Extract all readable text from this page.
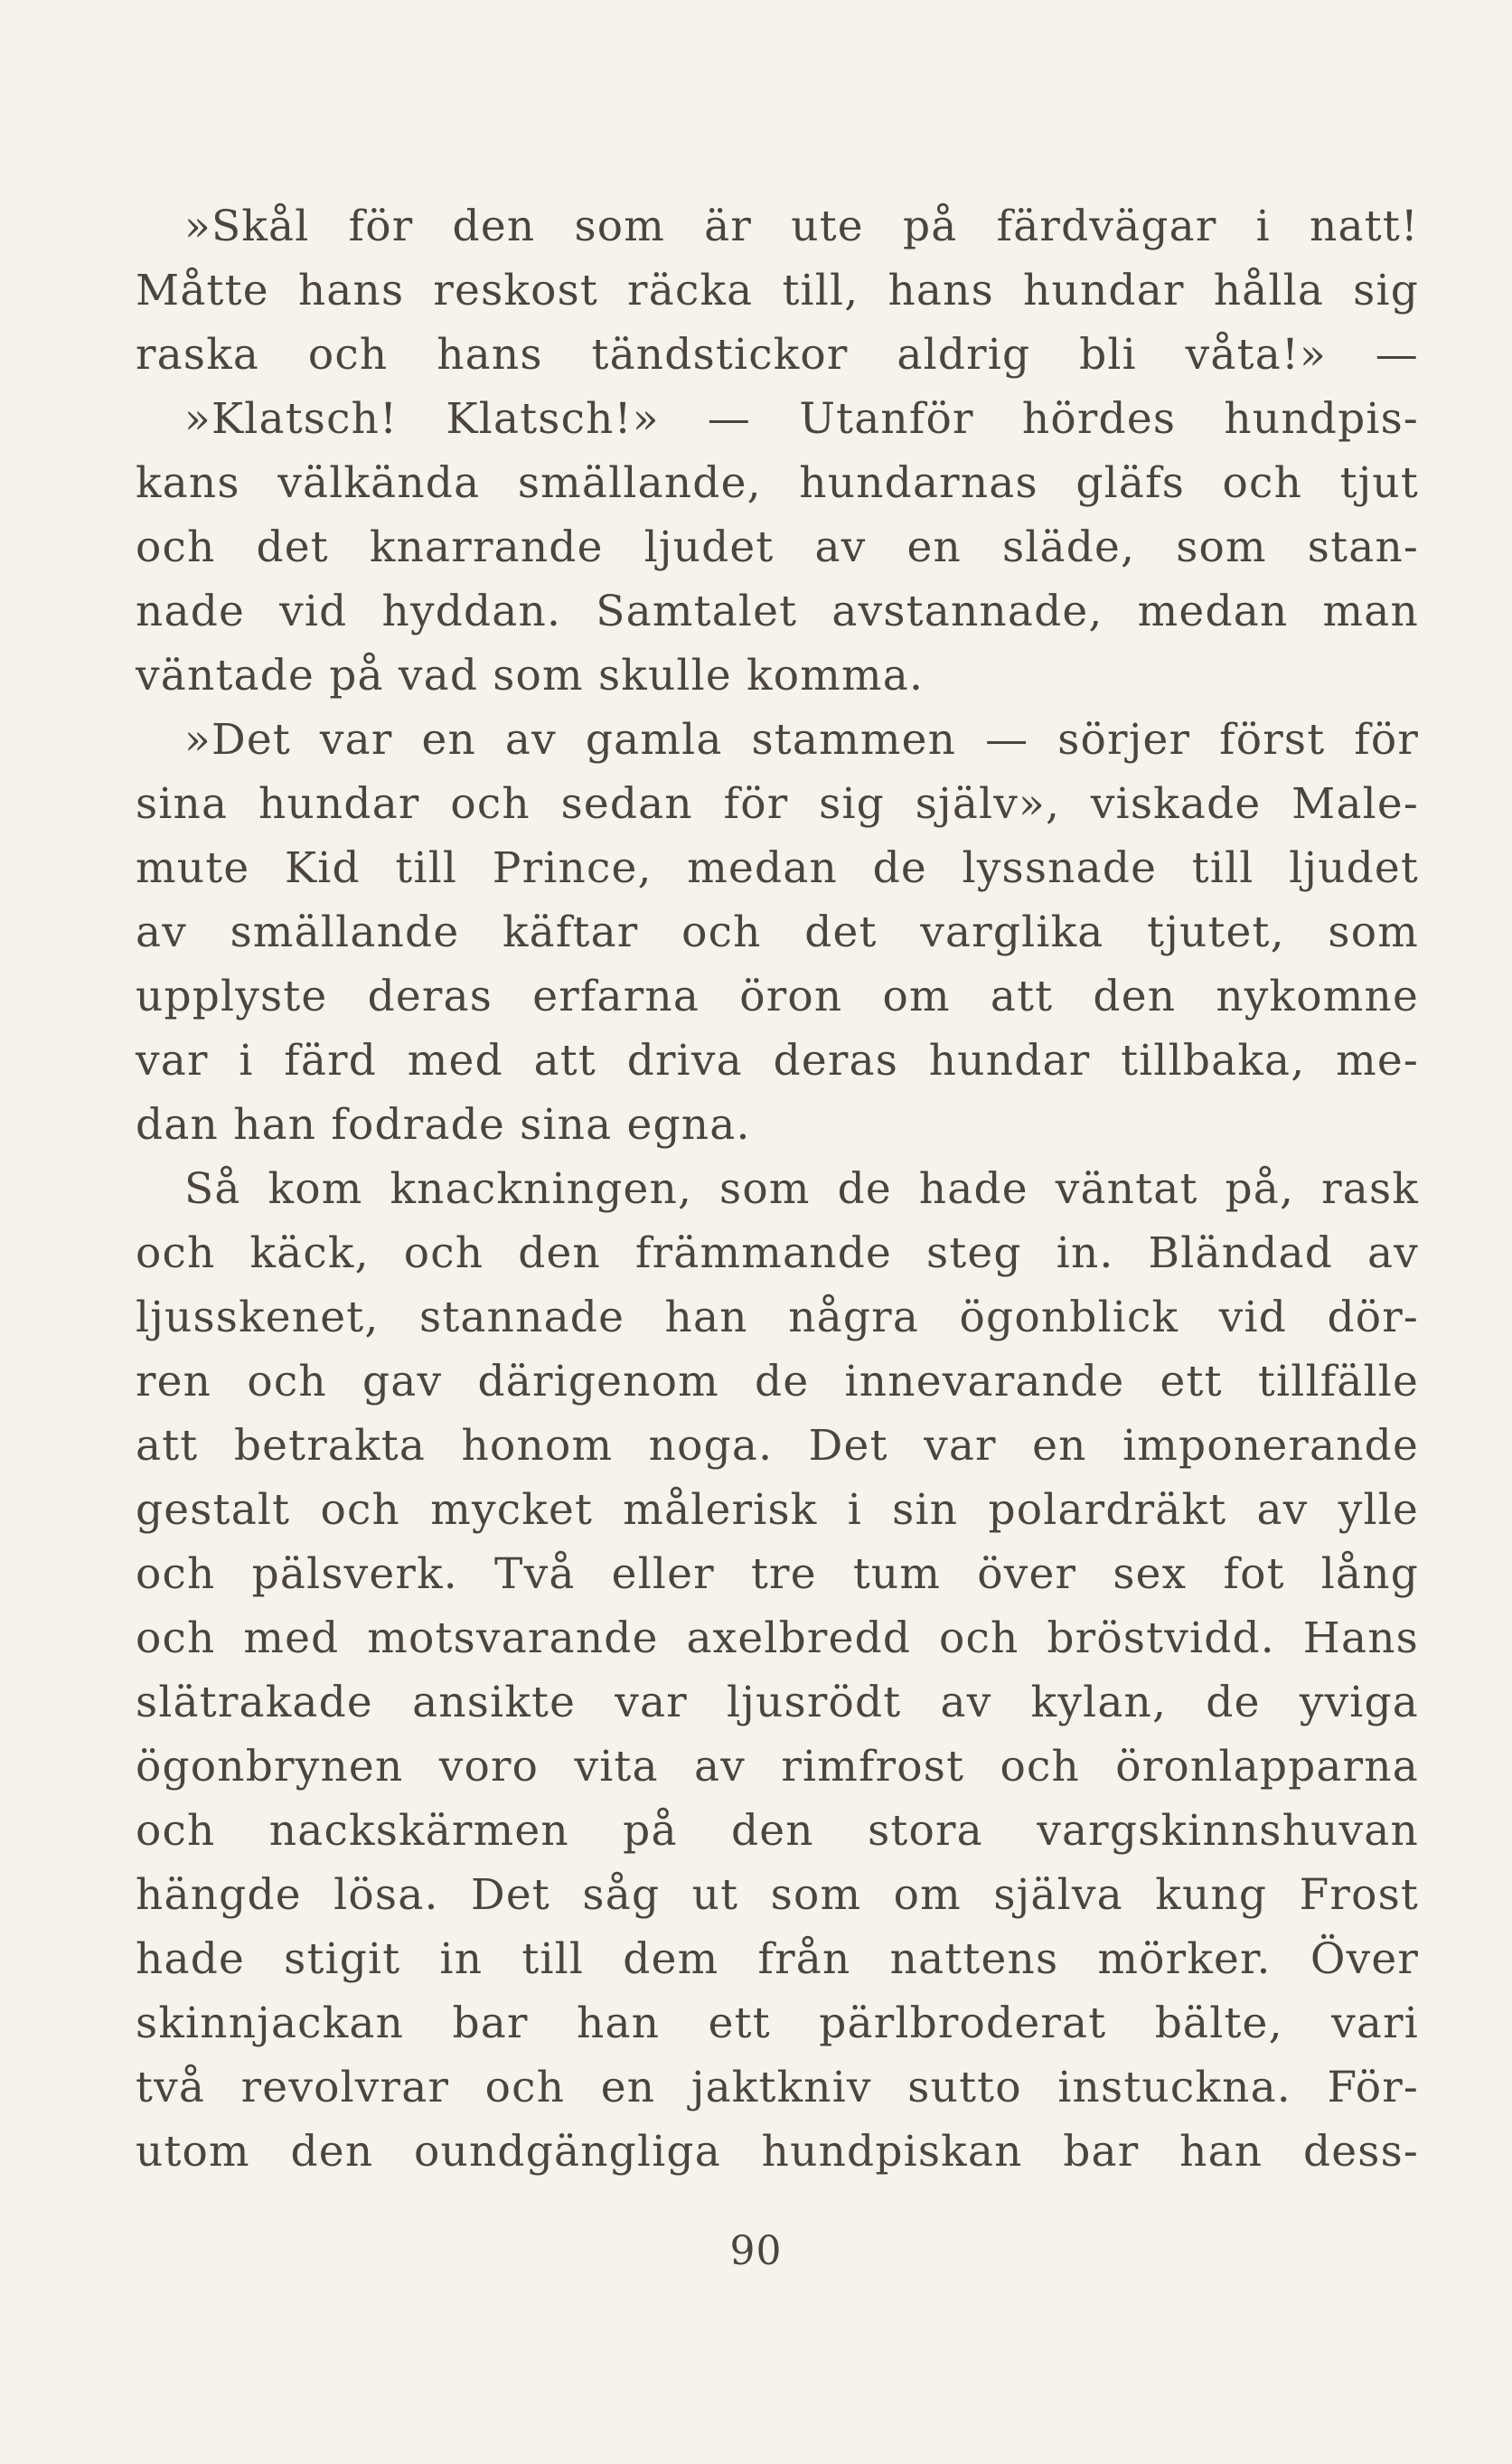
»Skål för den som är ute på färdvägar i natt!
Måtte hans reskost räcka till, hans hundar hålla sig
raska och hans tändstickor aldrig bli våta!» —
»Klatsch! Klatsch!» — Utanför hördes hundpis-
kans välkända smällande, hundarnas gläfs och tjut
och det knarrande ljudet av en släde, som stan-
nade vid hyddan. Samtalet avstannade, medan man
väntade på vad som skulle komma.
»Det var en av gamla stammen — sörjer först för
sina hundar och sedan för sig själv», viskade Male-
mute Kid till Prince, medan de lyssnade till ljudet
av smällande käftar och det varglika tjutet, som
upplyste deras erfarna öron om att den nykomne
var i färd med att driva deras hundar tillbaka, me-
dan han fodrade sina egna.
Så kom knackningen, som de hade väntat på, rask
och käck, och den främmande steg in. Bländad av
ljusskenet, stannade han några ögonblick vid dör-
ren och gav därigenom de innevarande ett tillfälle
att betrakta honom noga. Det var en imponerande
gestalt och mycket målerisk i sin polardräkt av ylle
och pälsverk. Två eller tre tum över sex fot lång
och med motsvarande axelbredd och bröstvidd. Hans
slätrakade ansikte var ljusrödt av kylan, de yviga
ögonbrynen voro vita av rimfrost och öronlapparna
och nackskärmen på den stora vargskinnshuvan
hängde lösa. Det såg ut som om själva kung Frost
hade stigit in till dem från nattens mörker. Över
skinnjackan bar han ett pärlbroderat bälte, vari
två revolvrar och en jaktkniv sutto instuckna. För-
utom den oundgängliga hundpiskan bar han dess-
90
